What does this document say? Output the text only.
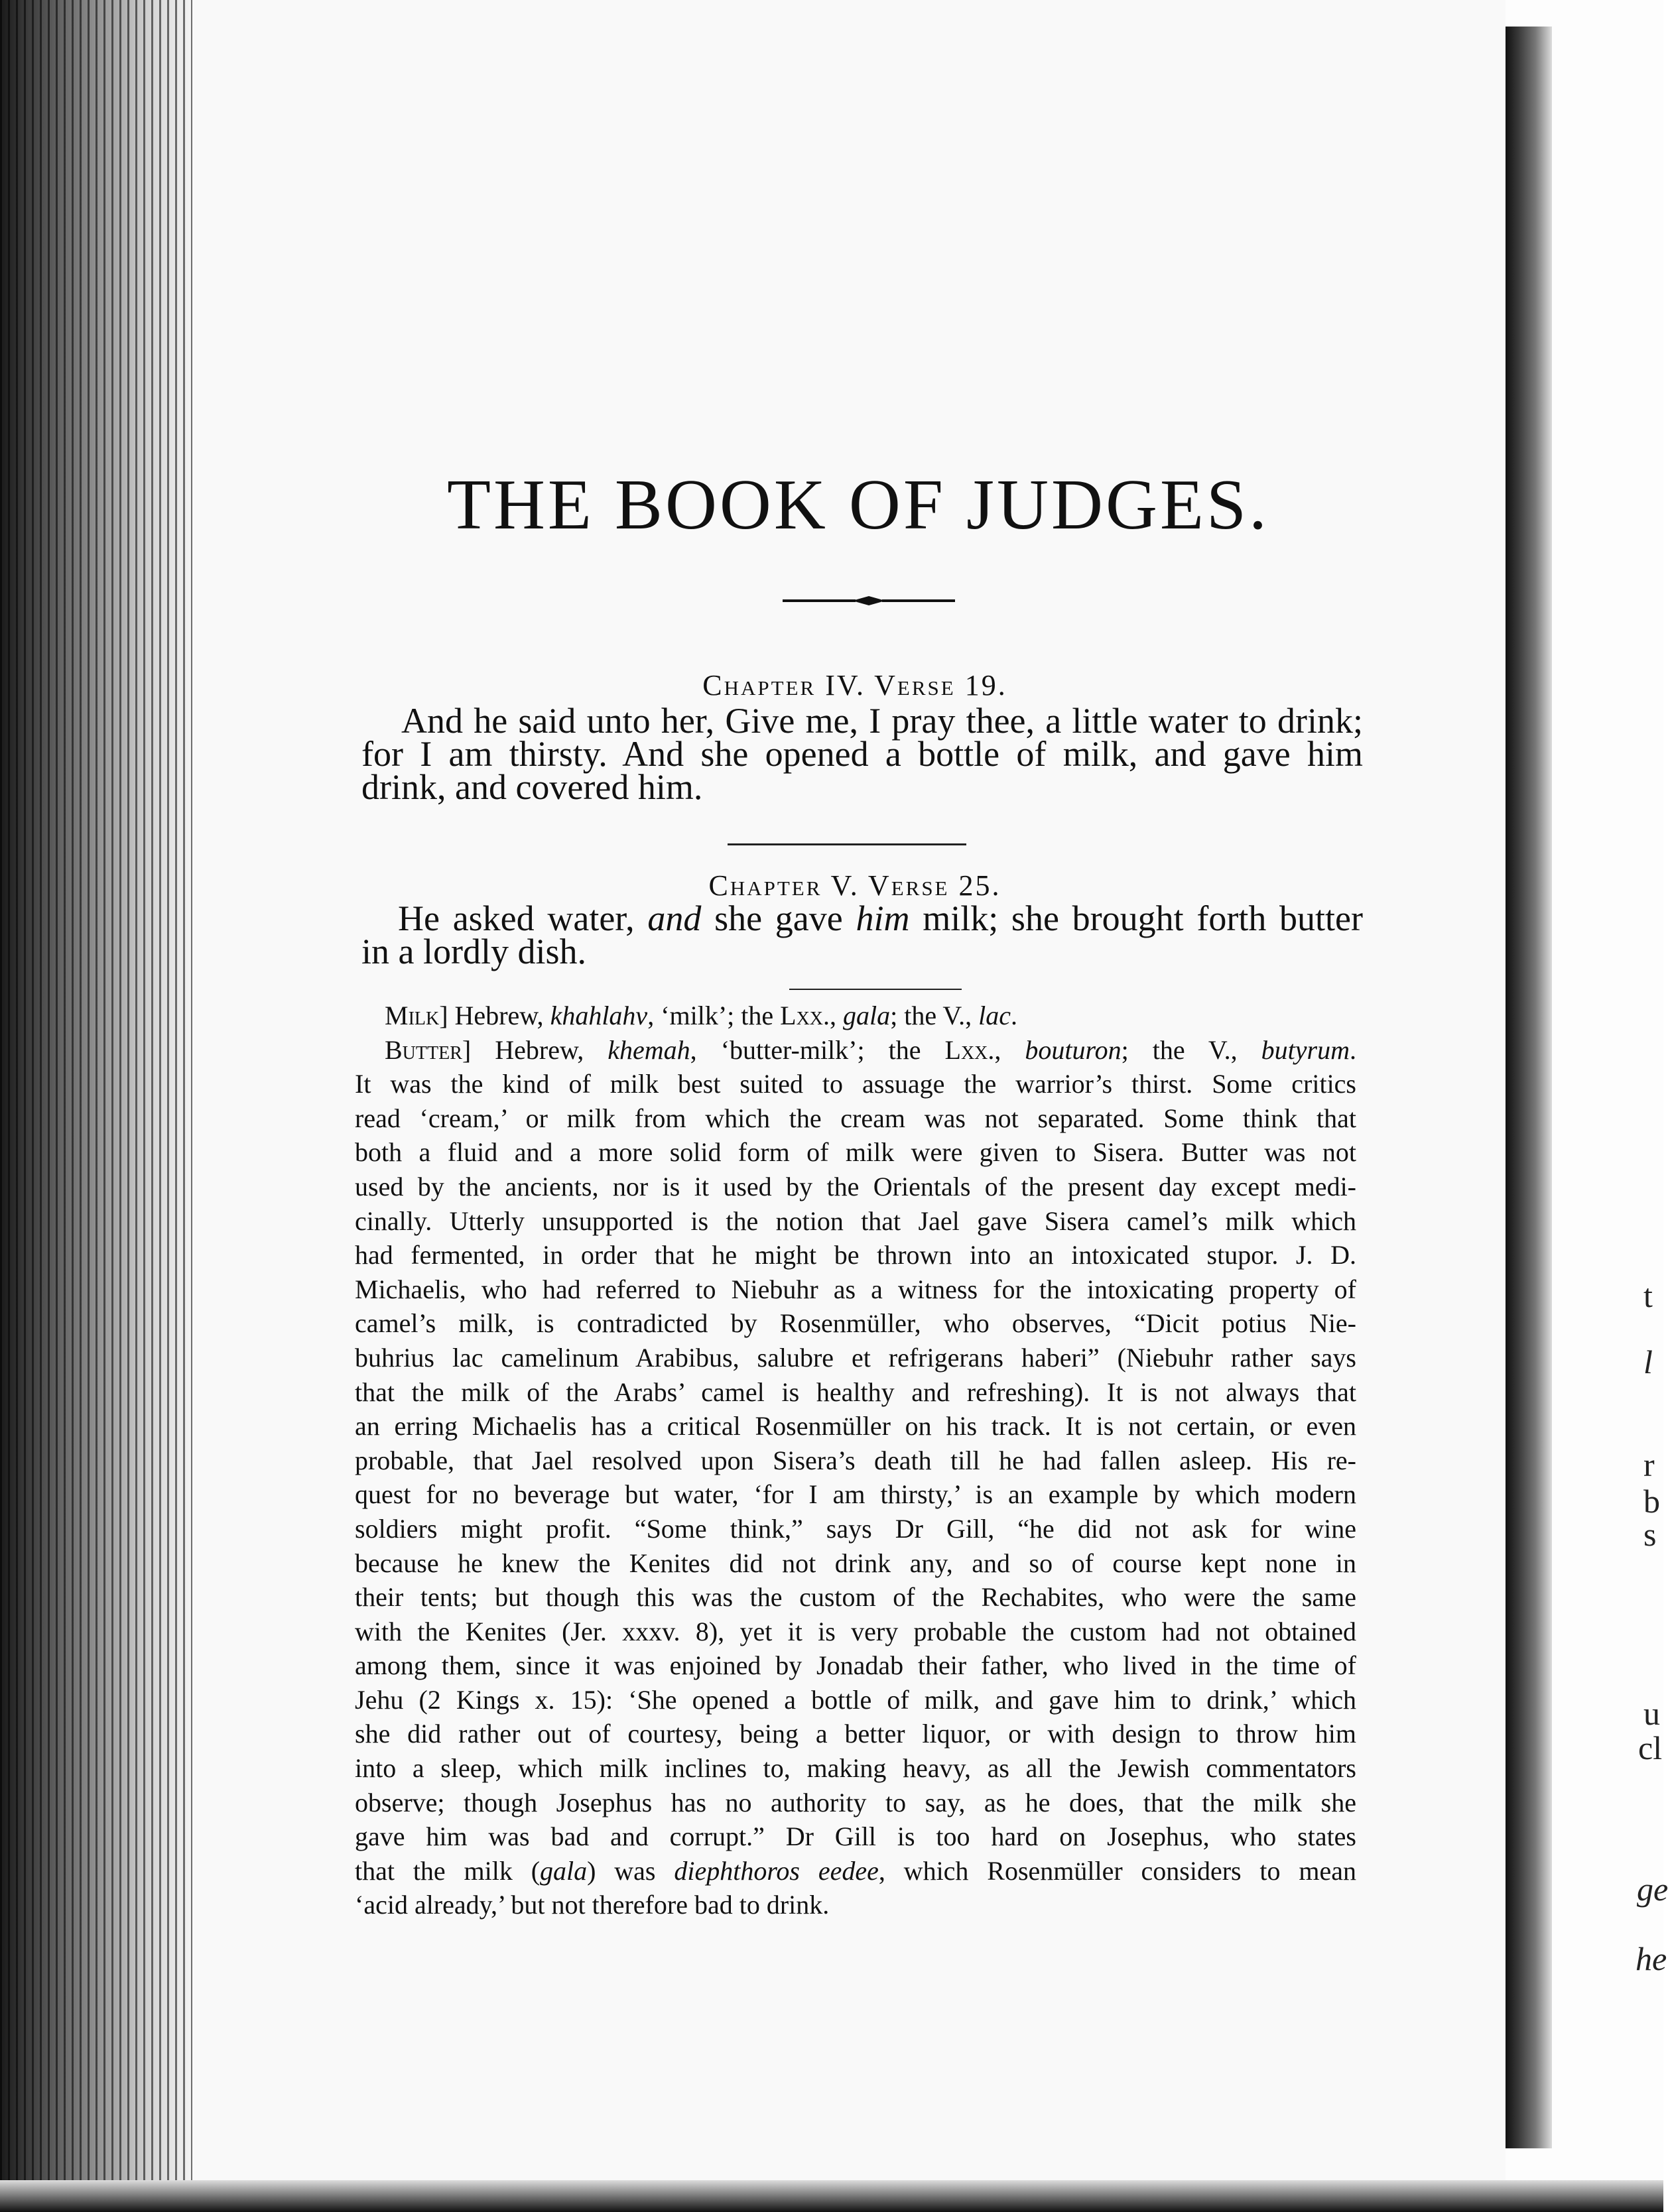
t
l
r
b
s
u
cl
ge
he
THE BOOK OF JUDGES.
Chapter IV. Verse 19.
And he said unto her, Give me, I pray thee, a little water to drink;
for I am thirsty. And she opened a bottle of milk, and gave him
drink, and covered him.
Chapter V. Verse 25.
He asked water, and she gave him milk; she brought forth butter
in a lordly dish.
Milk] Hebrew, khahlahv, ‘milk’; the Lxx., gala; the V., lac.
Butter] Hebrew, khemah, ‘butter-milk’; the Lxx., bouturon; the V., butyrum.
It was the kind of milk best suited to assuage the warrior’s thirst. Some critics
read ‘cream,’ or milk from which the cream was not separated. Some think that
both a fluid and a more solid form of milk were given to Sisera. Butter was not
used by the ancients, nor is it used by the Orientals of the present day except medi-
cinally. Utterly unsupported is the notion that Jael gave Sisera camel’s milk which
had fermented, in order that he might be thrown into an intoxicated stupor. J. D.
Michaelis, who had referred to Niebuhr as a witness for the intoxicating property of
camel’s milk, is contradicted by Rosenmüller, who observes, “Dicit potius Nie-
buhrius lac camelinum Arabibus, salubre et refrigerans haberi” (Niebuhr rather says
that the milk of the Arabs’ camel is healthy and refreshing). It is not always that
an erring Michaelis has a critical Rosenmüller on his track. It is not certain, or even
probable, that Jael resolved upon Sisera’s death till he had fallen asleep. His re-
quest for no beverage but water, ‘for I am thirsty,’ is an example by which modern
soldiers might profit. “Some think,” says Dr Gill, “he did not ask for wine
because he knew the Kenites did not drink any, and so of course kept none in
their tents; but though this was the custom of the Rechabites, who were the same
with the Kenites (Jer. xxxv. 8), yet it is very probable the custom had not obtained
among them, since it was enjoined by Jonadab their father, who lived in the time of
Jehu (2 Kings x. 15): ‘She opened a bottle of milk, and gave him to drink,’ which
she did rather out of courtesy, being a better liquor, or with design to throw him
into a sleep, which milk inclines to, making heavy, as all the Jewish commentators
observe; though Josephus has no authority to say, as he does, that the milk she
gave him was bad and corrupt.” Dr Gill is too hard on Josephus, who states
that the milk (gala) was diephthoros eedee, which Rosenmüller considers to mean
‘acid already,’ but not therefore bad to drink.
